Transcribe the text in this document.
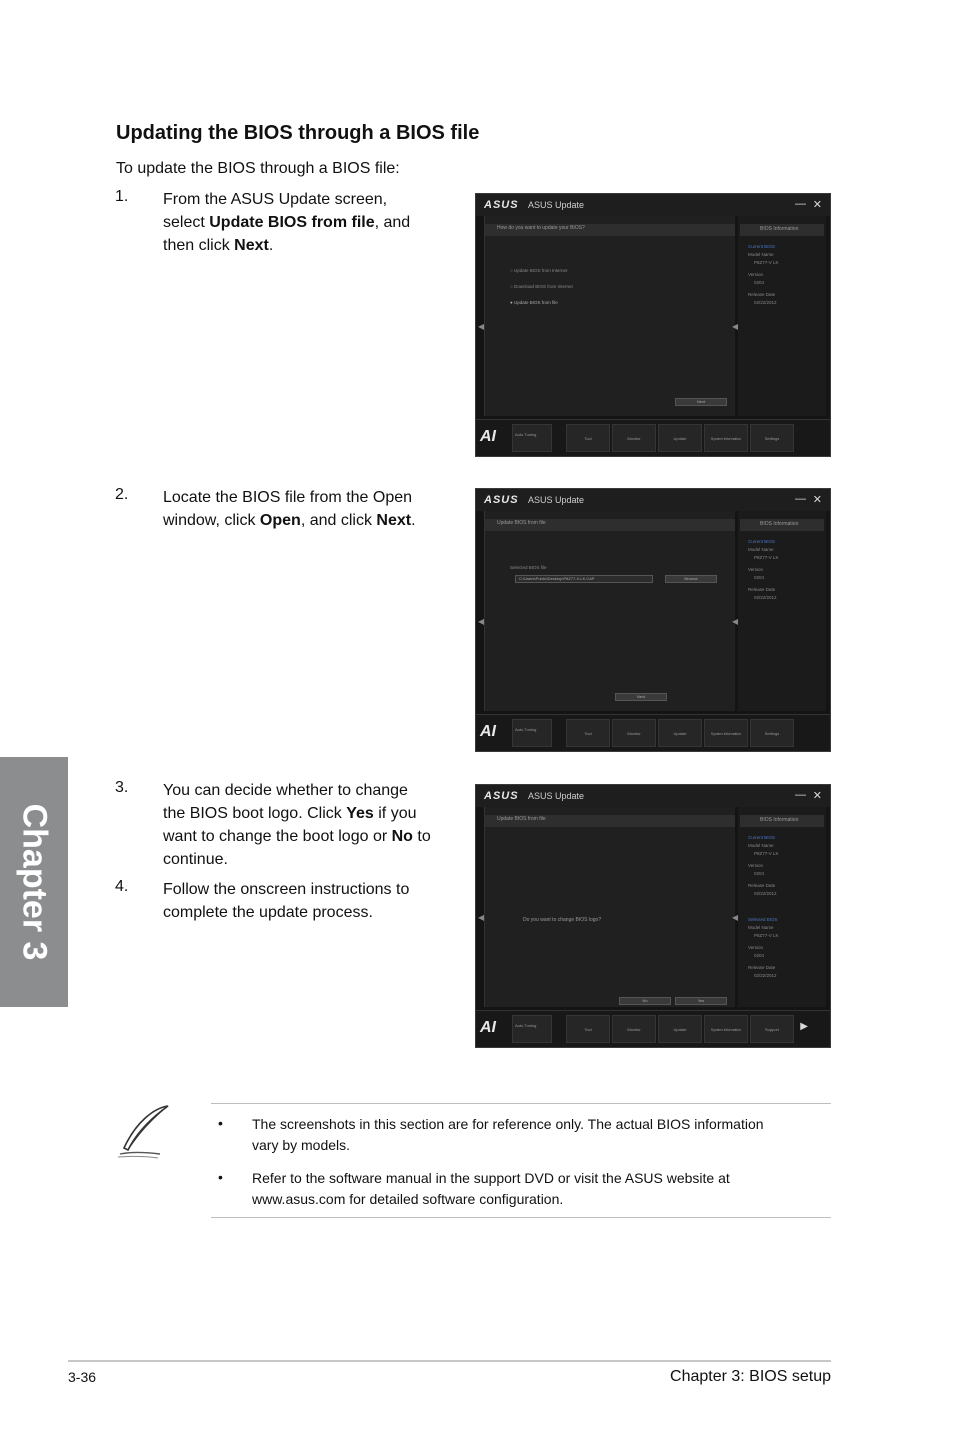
Updating the BIOS through a BIOS file
To update the BIOS through a BIOS file:
1. From the ASUS Update screen,
select Update BIOS from file, and
then click Next.
2. Locate the BIOS file from the Open
window, click Open, and click Next.
3. You can decide whether to change
the BIOS boot logo. Click Yes if you
want to change the boot logo or No to
continue.
4. Follow the onscreen instructions to
complete the update process.
Chapter 3
ASUS ASUS Update	— ✕
◀
How do you want to update your BIOS?
○ Update BIOS from Internet
○ Download BIOS from Internet
● Update BIOS from file
Next
◀
BIOS Information
Current BIOS
Model Name
P8Z77-V LK
Version
0204
Release Date
02/22/2012
AI	Auto Tuning
Tool	Monitor	Update	System Information	Settings
ASUS ASUS Update	— ✕
◀
Update BIOS from file
Selected BIOS file
C:\Users\Public\Desktop\P8Z77-V-LK.CAP	Browse
Next
◀
BIOS Information
Current BIOS
Model Name
P8Z77-V LK
Version
0204
Release Date
02/22/2012
AI	Auto Tuning
Tool	Monitor	Update	System Information	Settings
ASUS ASUS Update	— ✕
◀
Update BIOS from file
Do you want to change BIOS logo?
No	Yes
◀
BIOS Information
Current BIOS
Model Name
P8Z77-V LK
Version
0204
Release Date
02/22/2012
Selected BIOS
Model Name
P8Z77-V LK
Version
0204
Release Date
02/22/2012
AI	Auto Tuning
Tool	Monitor	Update	System Information	Support	▶
• The screenshots in this section are for reference only. The actual BIOS information
vary by models.
• Refer to the software manual in the support DVD or visit the ASUS website at
www.asus.com for detailed software configuration.
3-36	Chapter 3: BIOS setup
